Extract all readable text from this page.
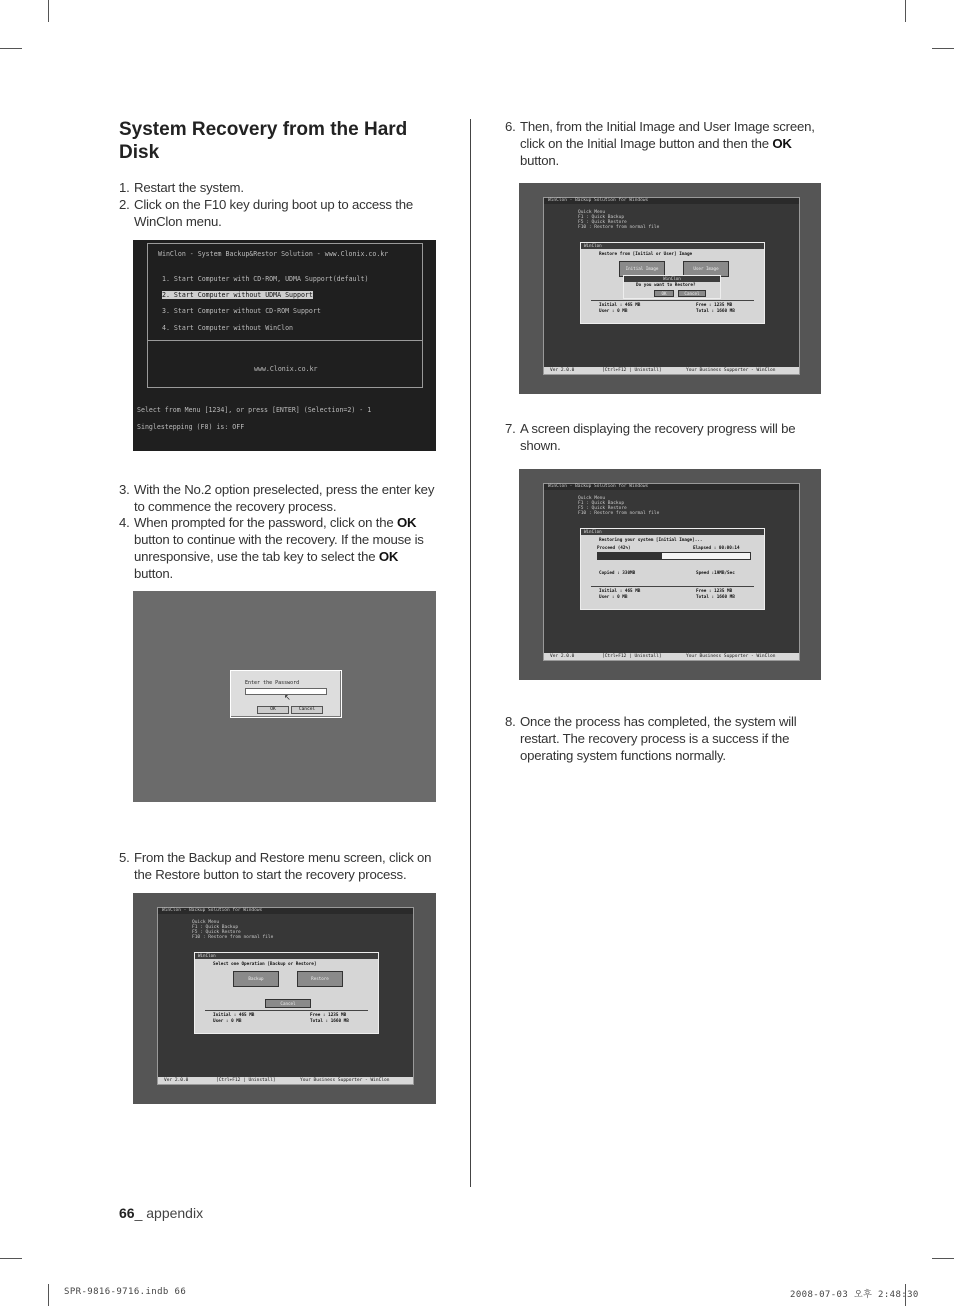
System Recovery from the Hard Disk
1. Restart the system.
2. Click on the F10 key during boot up to access the WinClon menu.
WinClon - System Backup&Restor Solution - www.Clonix.co.kr
1. Start Computer with CD-ROM, UDMA Support(default)
2. Start Computer without UDMA Support
3. Start Computer without CD-ROM Support
4. Start Computer without WinClon
www.Clonix.co.kr
Select from Menu [1234], or press [ENTER] (Selection=2) - 1
Singlestepping (F8) is: OFF
3. With the No.2 option preselected, press the enter key to commence the recovery process.
4. When prompted for the password, click on the OK button to continue with the recovery. If the mouse is unresponsive, use the tab key to select the OK button.
Enter the Password
↖
OK	Cancel
5. From the Backup and Restore menu screen, click on the Restore button to start the recovery process.
WinClon - Backup Solution for Windows
Quick Menu
F1 : Quick Backup
F5 : Quick Restore
F10 : Restore from normal file
WinClon
Select one Operation [Backup or Restore]
Backup	Restore
Cancel
Initial : 465 MB
User : 0 MB
Free : 1235 MB
Total : 1660 MB
Ver 2.0.0	[Ctrl+F12 | Uninstall]	Your Business Supporter - WinClon
6. Then, from the Initial Image and User Image screen, click on the Initial Image button and then the OK button.
WinClon - Backup Solution for Windows
Quick Menu
F1 : Quick Backup
F5 : Quick Restore
F10 : Restore from normal file
WinClon
Restore from [Initial or User] Image
Initial Image	User Image
WinClon
Do you want to Restore?
OK	Cancel
Initial : 465 MB
User : 0 MB
Free : 1235 MB
Total : 1660 MB
Ver 2.0.0	[Ctrl+F12 | Uninstall]	Your Business Supporter - WinClon
7. A screen displaying the recovery progress will be shown.
WinClon - Backup Solution for Windows
Quick Menu
F1 : Quick Backup
F5 : Quick Restore
F10 : Restore from normal file
WinClon
Restoring your system [Initial Image]...
Proceed (42%)	Elapsed : 00:00:14
Copied : 330MB	Speed :19MB/Sec
Initial : 465 MB
User : 0 MB
Free : 1235 MB
Total : 1660 MB
Ver 2.0.0	[Ctrl+F12 | Uninstall]	Your Business Supporter - WinClon
8. Once the process has completed, the system will restart. The recovery process is a success if the operating system functions normally.
66_ appendix
SPR-9816-9716.indb 66	2008-07-03 오후 2:48:30
